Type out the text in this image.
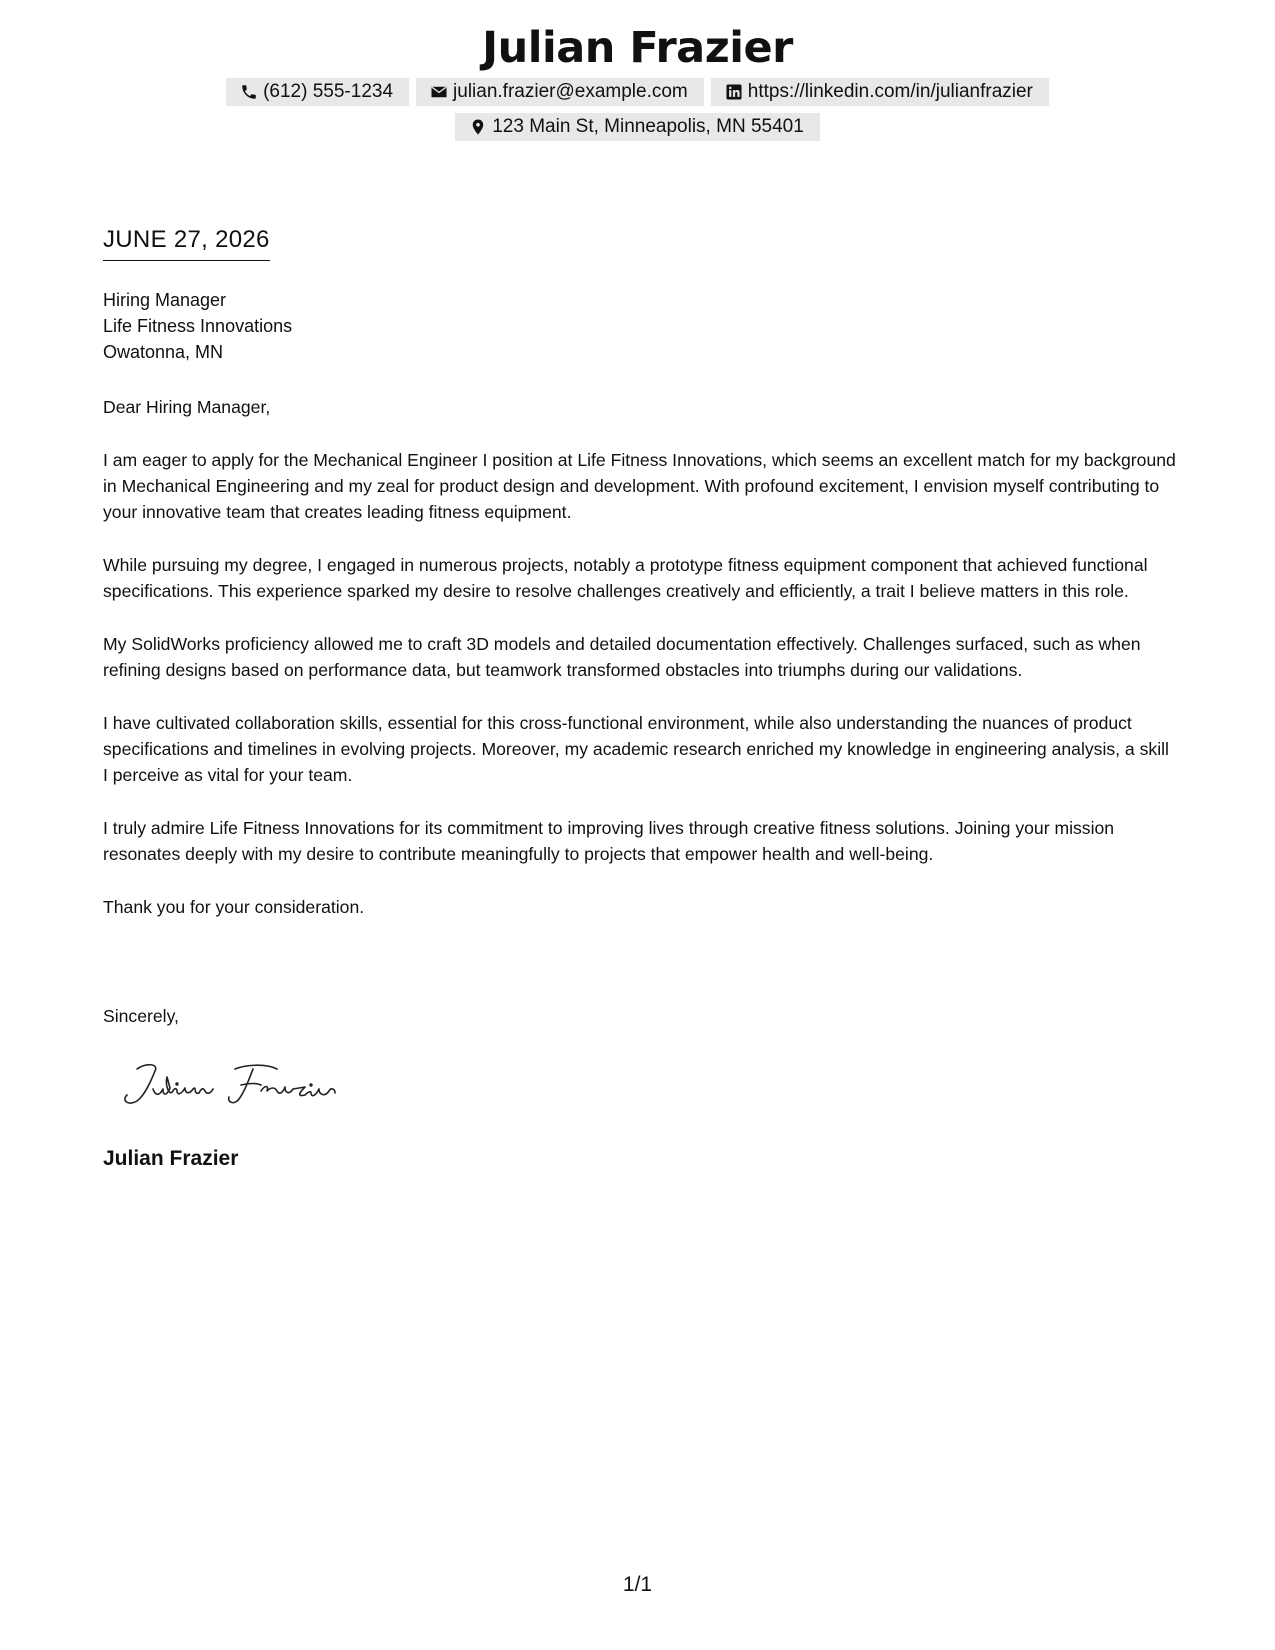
Julian Frazier
(612) 555-1234	julian.frazier@example.com	https://linkedin.com/in/julianfrazier
123 Main St, Minneapolis, MN 55401
JUNE 27, 2026
Hiring Manager
Life Fitness Innovations
Owatonna, MN

Dear Hiring Manager,

I am eager to apply for the Mechanical Engineer I position at Life Fitness Innovations, which seems an excellent match for my background in Mechanical Engineering and my zeal for product design and development. With profound excitement, I envision myself contributing to your innovative team that creates leading fitness equipment.

While pursuing my degree, I engaged in numerous projects, notably a prototype fitness equipment component that achieved functional specifications. This experience sparked my desire to resolve challenges creatively and efficiently, a trait I believe matters in this role.

My SolidWorks proficiency allowed me to craft 3D models and detailed documentation effectively. Challenges surfaced, such as when refining designs based on performance data, but teamwork transformed obstacles into triumphs during our validations.

I have cultivated collaboration skills, essential for this cross-functional environment, while also understanding the nuances of product specifications and timelines in evolving projects. Moreover, my academic research enriched my knowledge in engineering analysis, a skill I perceive as vital for your team.

I truly admire Life Fitness Innovations for its commitment to improving lives through creative fitness solutions. Joining your mission resonates deeply with my desire to contribute meaningfully to projects that empower health and well-being.

Thank you for your consideration.

Sincerely,
Julian Frazier
1/1
